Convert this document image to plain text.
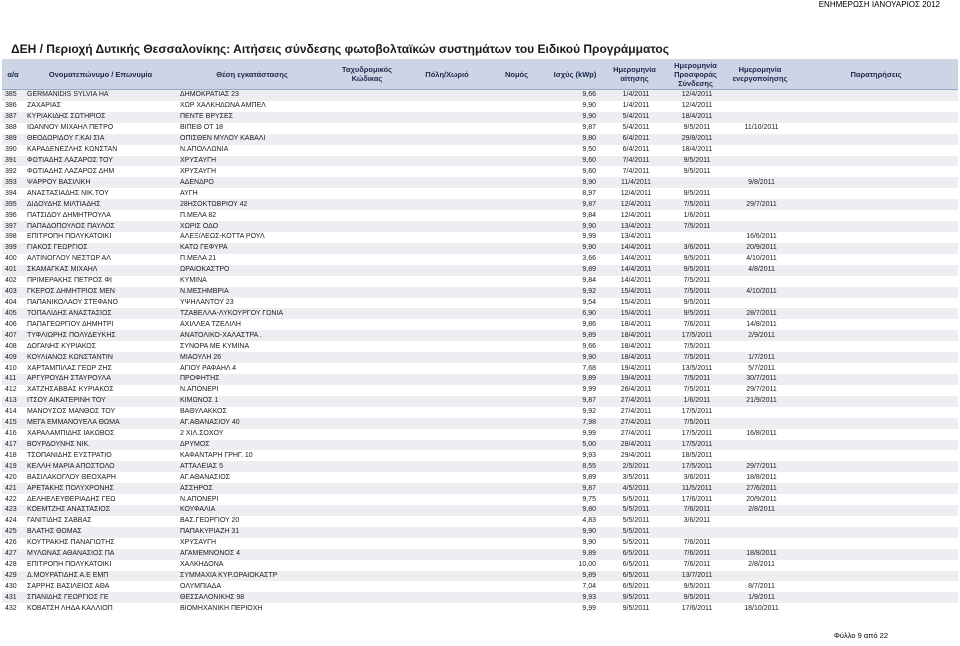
ΕΝΗΜΕΡΩΣΗ ΙΑΝΟΥΑΡΙΟΣ 2012
ΔΕΗ / Περιοχή Δυτικής Θεσσαλονίκης: Αιτήσεις σύνδεσης φωτοβολταϊκών συστημάτων του Ειδικού Προγράμματος
α/α	Ονοματεπώνυμο / Επωνυμία	Θέση εγκατάστασης	Ταχυδρομικός Κώδικας	Πόλη/Χωριό	Νομός	Ισχύς (kWp)	Ημερομηνία αίτησης	Ημερομηνία Προσφοράς Σύνδεσης	Ημερομηνία ενεργοποίησης	Παρατηρήσεις
385	GERMANIDIS SYLVIA HA	ΔΗΜΟΚΡΑΤΙΑΣ 23				9,66	1/4/2011	12/4/2011		
386	ΖΑΧΑΡΙΑΣ	ΧΩΡ ΧΑΛΚΗΔΩΝΑ ΑΜΠΕΛ				9,90	1/4/2011	12/4/2011		
387	ΚΥΡΙΑΚΙΔΗΣ ΣΩΤΗΡΙΟΣ	ΠΕΝΤΕ ΒΡΥΣΕΣ				9,90	5/4/2011	18/4/2011		
388	ΙΩΑΝΝΟΥ ΜΙΧΑΗΛ ΠΕΤΡΟ	ΒΙΠΕΘ ΟΤ 18				9,87	5/4/2011	9/5/2011	11/10/2011	
389	ΘΕΟΔΩΡΙΔΟΥ Γ.ΚΑΙ ΣΙΑ	ΟΠΙΣΘΕΝ ΜΥΛΟΥ ΚΑΒΑΛΙ				9,80	6/4/2011	29/8/2011		
390	ΚΑΡΑΔΕΝΕΖΛΗΣ ΚΩΝΣΤΑΝ	Ν.ΑΠΟΛΛΩΝΙΑ				9,50	6/4/2011	18/4/2011		
391	ΦΩΤΙΑΔΗΣ ΛΑΖΑΡΟΣ ΤΟΥ	ΧΡΥΣΑΥΓΗ				9,60	7/4/2011	9/5/2011		
392	ΦΩΤΙΑΔΗΣ ΛΑΖΑΡΟΣ ΔΗΜ	ΧΡΥΣΑΥΓΗ				9,60	7/4/2011	9/5/2011		
393	ΨΑΡΡΟΥ ΒΑΣΙΛΙΚΗ	ΑΔΕΝΔΡΟ				9,90	11/4/2011		9/8/2011	
394	ΑΝΑΣΤΑΣΙΑΔΗΣ ΝΙΚ.ΤΟΥ	ΑΥΓΗ				8,97	12/4/2011	9/5/2011		
395	ΔΙΔΟΥΔΗΣ ΜΙΛΤΙΑΔΗΣ	28ΗΣΟΚΤΩΒΡΙΟΥ 42				9,87	12/4/2011	7/5/2011	29/7/2011	
396	ΠΑΤΣΙΔΟΥ ΔΗΜΗΤΡΟΥΛΑ	Π.ΜΕΛΑ 82				9,84	12/4/2011	1/6/2011		
397	ΠΑΠΑΔΟΠΟΥΛΟΣ ΠΑΥΛΟΣ	ΧΩΡΙΣ ΟΔΟ				9,90	13/4/2011	7/5/2011		
398	ΕΠΙΤΡΟΠΗ ΠΟΛΥΚΑΤΟΙΚΙ	ΑΛΕΞ/ΛΕΩΣ-ΚΟΤΤΑ ΡΟΥΛ				9,99	13/4/2011		16/6/2011	
399	ΓΙΑΚΟΣ ΓΕΩΡΓΙΟΣ	ΚΑΤΩ ΓΕΦΥΡΑ				9,90	14/4/2011	3/6/2011	20/9/2011	
400	ΑΛΤΙΝΟΓΛΟΥ ΝΕΣΤΩΡ ΑΛ	Π.ΜΕΛΑ 21				3,66	14/4/2011	9/5/2011	4/10/2011	
401	ΣΚΑΜΑΓΚΑΣ ΜΙΧΑΗΛ	ΩΡΑΙΟΚΑΣΤΡΟ				9,89	14/4/2011	9/5/2011	4/8/2011	
402	ΠΡΙΜΕΡΑΚΗΣ ΠΕΤΡΟΣ ΦΙ	ΚΥΜΙΝΑ				9,84	14/4/2011	7/5/2011		
403	ΓΚΕΡΟΣ ΔΗΜΗΤΡΙΟΣ ΜΕΝ	Ν.ΜΕΣΗΜΒΡΙΑ				9,92	15/4/2011	7/5/2011	4/10/2011	
404	ΠΑΠΑΝΙΚΟΛΑΟΥ ΣΤΕΦΑΝΟ	ΥΨΗΛΑΝΤΟΥ 23				9,54	15/4/2011	9/5/2011		
405	ΤΟΠΑΛΙΔΗΣ ΑΝΑΣΤΑΣΙΟΣ	ΤΖΑΒΕΛΛΑ-ΛΥΚΟΥΡΓΟΥ ΓΩΝΙΑ				6,90	15/4/2011	9/5/2011	28/7/2011	
406	ΠΑΠΑΓΕΩΡΓΙΟΥ ΔΗΜΗΤΡΙ	ΑΧΙΛΛΕΑ ΤΖΕΛΙΛΗ				9,86	18/4/2011	7/6/2011	14/8/2011	
407	ΤΥΦΛΙΩΡΗΣ ΠΟΛΥΔΕΥΚΗΣ	ΑΝΑΤΟΛΙΚΟ-ΧΑΛΑΣΤΡΑ .				9,89	18/4/2011	17/5/2011	2/9/2011	
408	ΔΟΓΑΝΗΣ ΚΥΡΙΑΚΟΣ	ΣΥΝΟΡΑ ΜΕ ΚΥΜΙΝΑ				9,66	18/4/2011	7/5/2011		
409	ΚΟΥΛΙΑΝΟΣ ΚΩΝΣΤΑΝΤΙΝ	ΜΙΑΟΥΛΗ 26				9,90	18/4/2011	7/5/2011	1/7/2011	
410	ΧΑΡΤΑΜΠΙΛΑΣ ΓΕΩΡ ΖΗΣ	ΑΓΙΟΥ ΡΑΦΑΗΛ 4				7,68	19/4/2011	13/5/2011	5/7/2011	
411	ΑΡΓΥΡΟΥΔΗ ΣΤΑΥΡΟΥΛΑ	ΠΡΟΦΗΤΗΣ				9,89	19/4/2011	7/5/2011	30/7/2011	
412	ΧΑΤΖΗΣΑΒΒΑΣ ΚΥΡΙΑΚΟΣ	Ν.ΑΠΟΝΕΡΙ				9,99	26/4/2011	7/5/2011	29/7/2011	
413	ΙΤΣΟΥ ΑΙΚΑΤΕΡΙΝΗ ΤΟΥ	ΚΙΜΩΝΟΣ 1				9,87	27/4/2011	1/6/2011	21/9/2011	
414	ΜΑΝΟΥΣΟΣ ΜΑΝΘΟΣ ΤΟΥ	ΒΑΘΥΛΑΚΚΟΣ				9,92	27/4/2011	17/5/2011		
415	ΜΕΓΑ ΕΜΜΑΝΟΥΕΛΑ ΘΩΜΑ	ΑΓ.ΑΘΑΝΑΣΙΟΥ 40				7,98	27/4/2011	7/5/2011		
416	ΧΑΡΑΛΑΜΠΙΔΗΣ ΙΑΚΩΒΟΣ	2 ΧΙΛ.ΣΟΧΟΥ				9,99	27/4/2011	17/5/2011	16/8/2011	
417	ΒΟΥΡΔΟΥΝΗΣ ΝΙΚ.	ΔΡΥΜΟΣ				5,00	28/4/2011	17/5/2011		
418	ΤΣΟΠΑΝΙΔΗΣ ΕΥΣΤΡΑΤΙΟ	ΚΑΦΑΝΤΑΡΗ ΓΡΗΓ. 10				9,93	29/4/2011	18/5/2011		
419	ΚΕΛΛΗ ΜΑΡΙΑ ΑΠΟΣΤΟΛΟ	ΑΤΤΑΛΕΙΑΣ 5				8,55	2/5/2011	17/5/2011	29/7/2011	
420	ΒΑΣΙΛΑΚΟΓΛΟΥ ΘΕΟΧΑΡΗ	ΑΓ.ΑΘΑΝΑΣΙΟΣ				9,89	3/5/2011	3/6/2011	18/8/2011	
421	ΑΡΕΤΑΚΗΣ ΠΟΛΥΧΡΟΝΗΣ	ΑΣΣΗΡΟΣ				9,87	4/5/2011	11/5/2011	27/6/2011	
422	ΔΕΛΗΕΛΕΥΘΕΡΙΑΔΗΣ ΓΕΩ	Ν.ΑΠΟΝΕΡΙ				9,75	5/5/2011	17/6/2011	20/9/2011	
423	ΚΟΕΜΤΖΗΣ ΑΝΑΣΤΑΣΙΟΣ	ΚΟΥΦΑΛΙΑ				9,80	5/5/2011	7/6/2011	2/8/2011	
424	ΓΑΝΙΤΙΔΗΣ ΣΑΒΒΑΣ	ΒΑΣ.ΓΕΩΡΓΙΟΥ 20				4,83	5/5/2011	3/6/2011		
425	ΒΛΑΤΗΣ ΘΩΜΑΣ	ΠΑΠΑΚΥΡΙΑΖΗ 31				9,90	5/5/2011			
426	ΚΟΥΤΡΑΚΗΣ ΠΑΝΑΓΙΩΤΗΣ	ΧΡΥΣΑΥΓΗ				9,90	5/5/2011	7/6/2011		
427	ΜΥΛΩΝΑΣ ΑΘΑΝΑΣΙΟΣ ΠΑ	ΑΓΑΜΕΜΝΟΝΟΣ 4				9,89	6/5/2011	7/6/2011	18/8/2011	
428	ΕΠΙΤΡΟΠΗ ΠΟΛΥΚΑΤΟΙΚΙ	ΧΑΛΚΗΔΟΝΑ				10,00	6/5/2011	7/6/2011	2/8/2011	
429	Δ.ΜΟΥΡΑΤΙΔΗΣ Α.Ε ΕΜΠ	ΣΥΜΜΑΧΙΑ ΚΥΡ.ΩΡΑΙΟΚΑΣΤΡ				9,89	6/5/2011	13/7/2011		
430	ΣΑΡΡΗΣ ΒΑΣΙΛΕΙΟΣ ΑΘΑ	ΟΛΥΜΠΙΑΔΑ				7,04	6/5/2011	9/5/2011	8/7/2011	
431	ΣΠΑΝΙΔΗΣ ΓΕΩΡΓΙΟΣ ΓΕ	ΘΕΣΣΑΛΟΝΙΚΗΣ 98				9,93	9/5/2011	9/5/2011	1/9/2011	
432	ΚΟΒΑΤΣΗ ΛΗΔΑ ΚΑΛΛΙΟΠ	ΒΙΟΜΗΧΑΝΙΚΗ ΠΕΡΙΟΧΗ				9,99	9/5/2011	17/6/2011	18/10/2011	
Φύλλο 9 από 22
